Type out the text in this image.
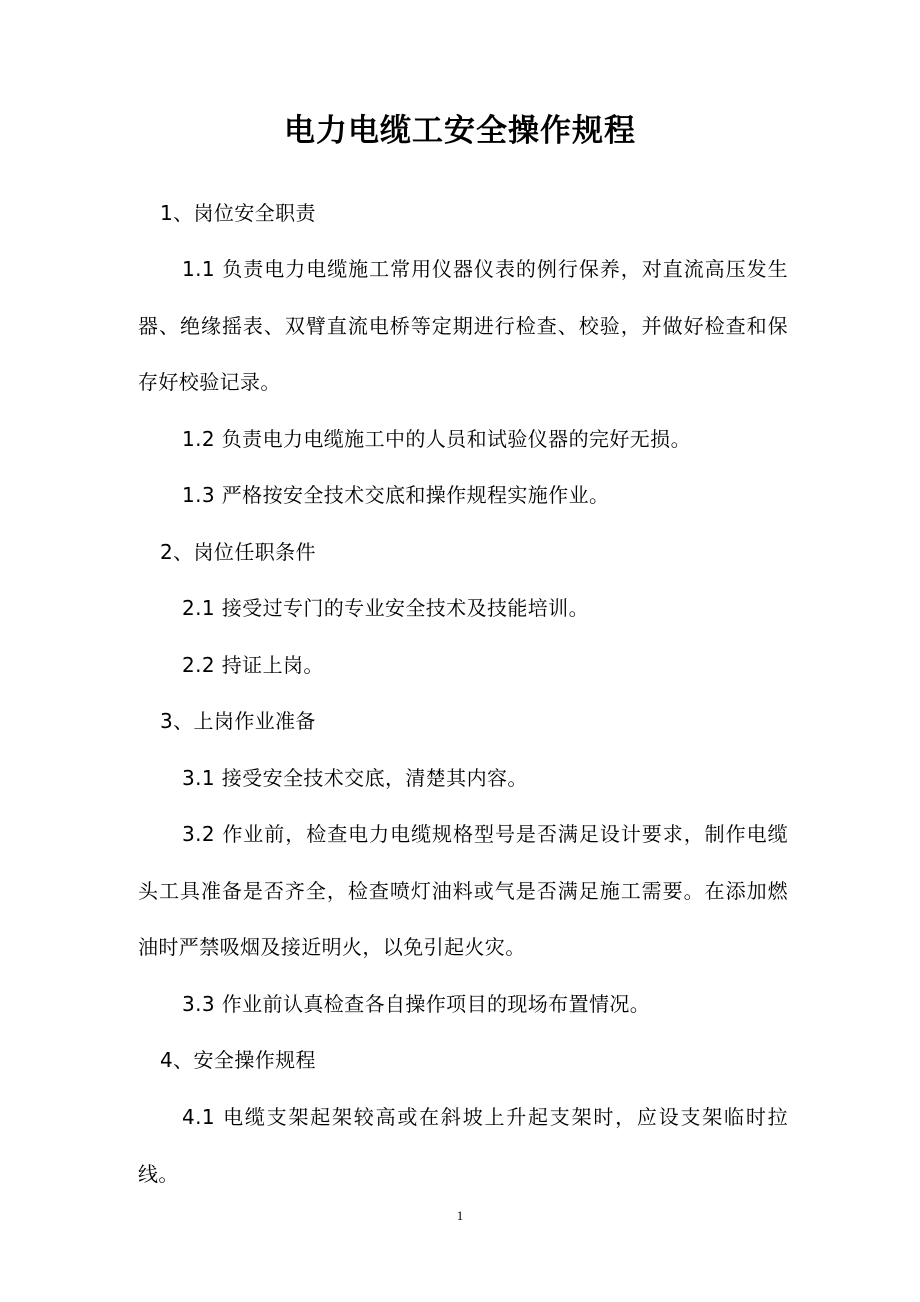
电力电缆工安全操作规程
1、岗位安全职责
1.1 负责电力电缆施工常用仪器仪表的例行保养，对直流高压发生器、绝缘摇表、双臂直流电桥等定期进行检查、校验，并做好检查和保存好校验记录。
1.2 负责电力电缆施工中的人员和试验仪器的完好无损。
1.3 严格按安全技术交底和操作规程实施作业。
2、岗位任职条件
2.1 接受过专门的专业安全技术及技能培训。
2.2 持证上岗。
3、上岗作业准备
3.1 接受安全技术交底，清楚其内容。
3.2 作业前，检查电力电缆规格型号是否满足设计要求，制作电缆头工具准备是否齐全，检查喷灯油料或气是否满足施工需要。在添加燃油时严禁吸烟及接近明火，以免引起火灾。
3.3 作业前认真检查各自操作项目的现场布置情况。
4、安全操作规程
4.1 电缆支架起架较高或在斜坡上升起支架时，应设支架临时拉线。
1
